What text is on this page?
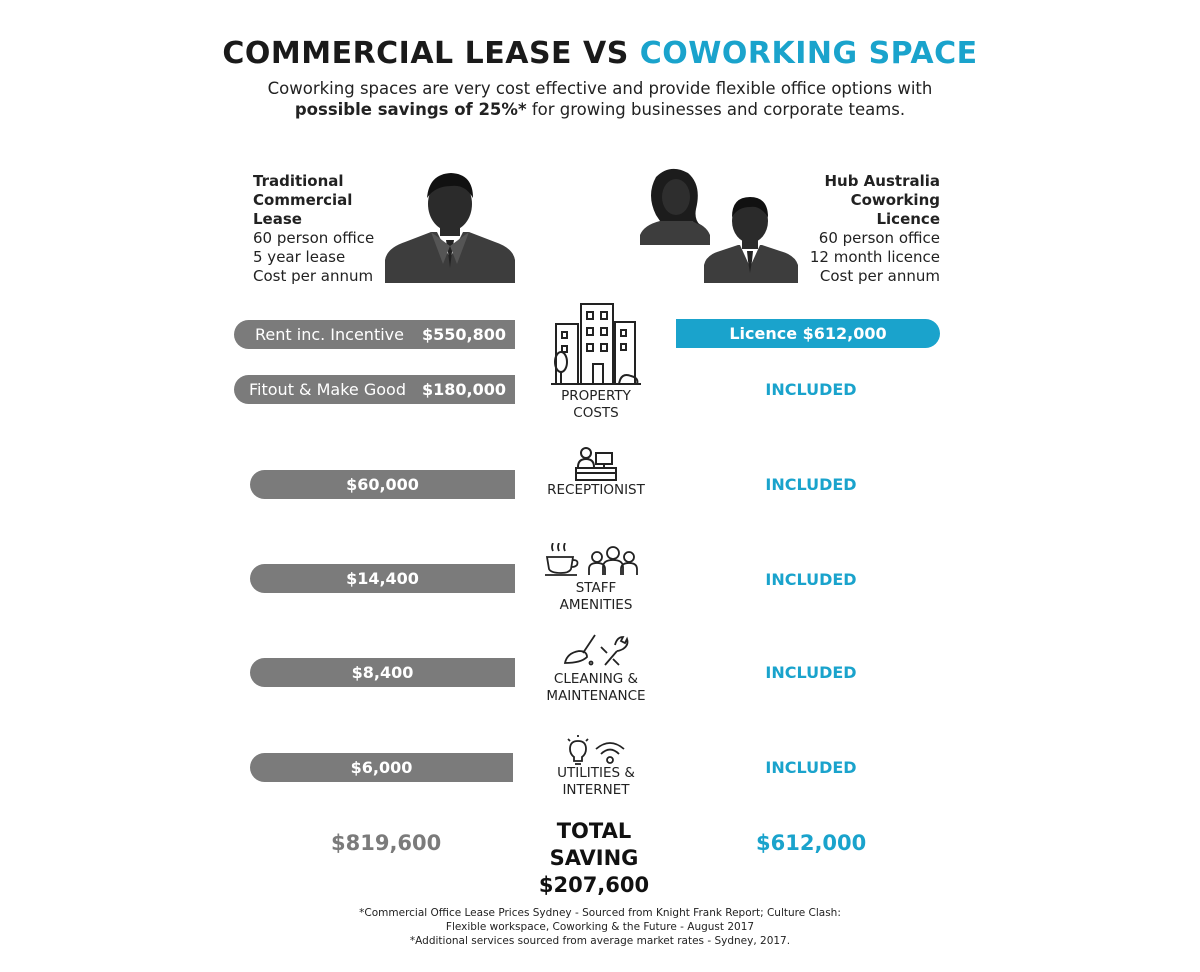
COMMERCIAL LEASE VS COWORKING SPACE
Coworking spaces are very cost effective and provide flexible office options with
possible savings of 25%* for growing businesses and corporate teams.
Traditional
Commercial
Lease
60 person office
5 year lease
Cost per annum
Hub Australia
Coworking
Licence
60 person office
12 month licence
Cost per annum
Rent inc. Incentive $550,800	Licence $612,000
Fitout & Make Good $180,000	INCLUDED
PROPERTY
COSTS
$60,000	INCLUDED
RECEPTIONIST
$14,400	INCLUDED
STAFF
AMENITIES
$8,400	INCLUDED
CLEANING &
MAINTENANCE
$6,000	INCLUDED
UTILITIES &
INTERNET
$819,600	$612,000
TOTAL
SAVING
$207,600
*Commercial Office Lease Prices Sydney - Sourced from Knight Frank Report; Culture Clash:
Flexible workspace, Coworking & the Future - August 2017
*Additional services sourced from average market rates - Sydney, 2017.
